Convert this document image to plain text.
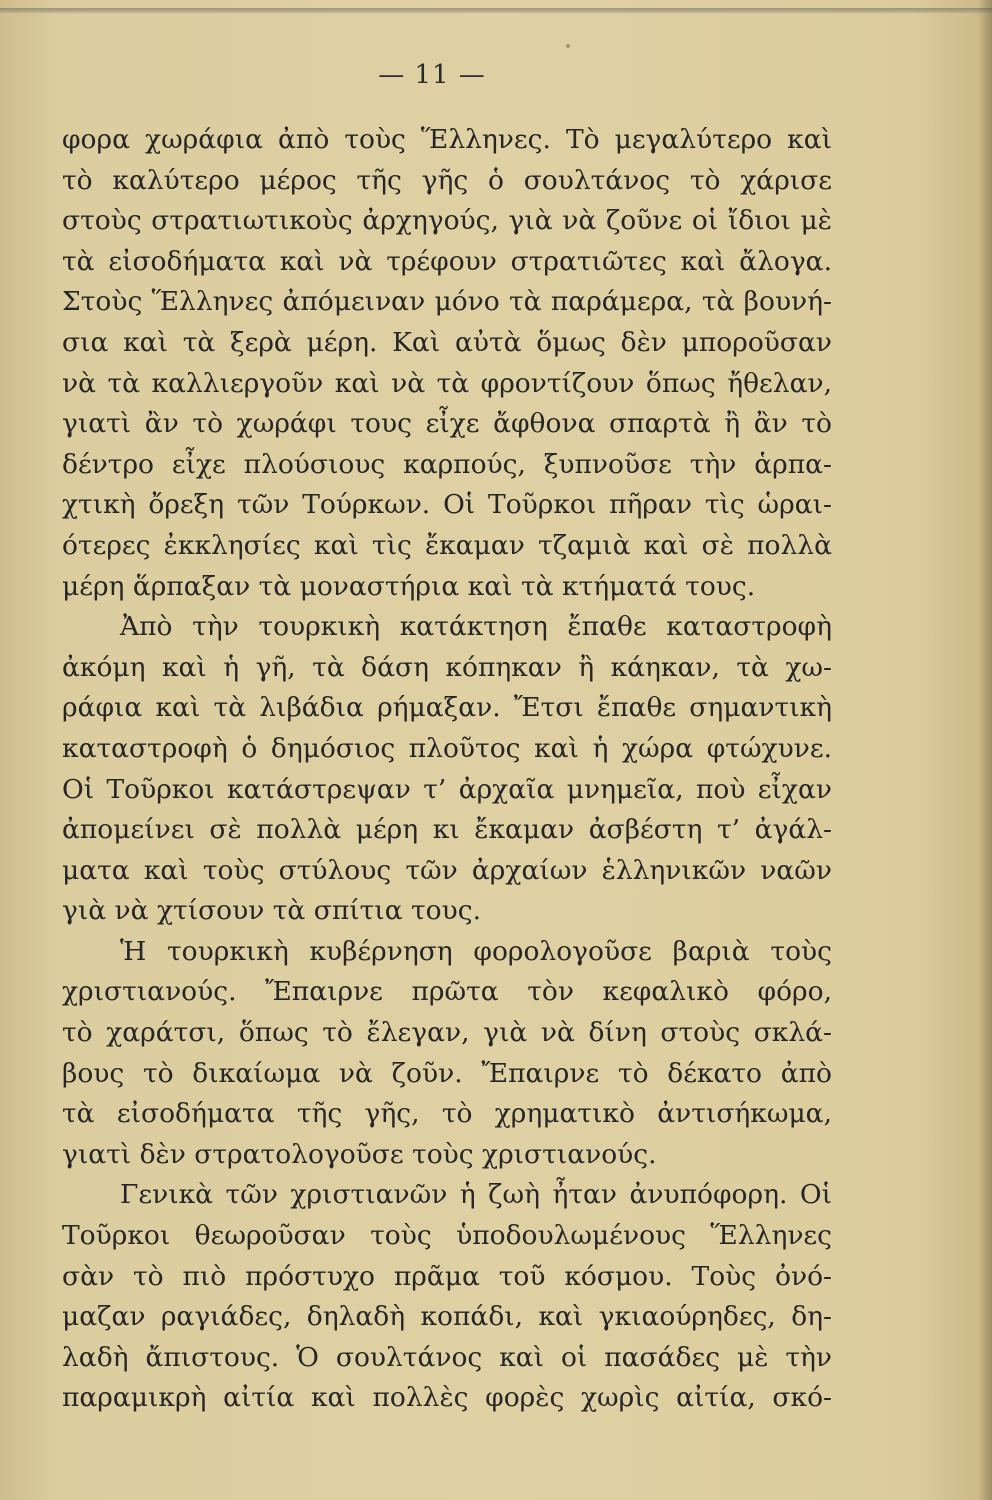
— 11 —
φορα χωράφια ἀπὸ τοὺς Ἕλληνες. Τὸ μεγαλύτερο καὶ
τὸ καλύτερο μέρος τῆς γῆς ὁ σουλτάνος τὸ χάρισε
στοὺς στρατιωτικοὺς ἀρχηγούς, γιὰ νὰ ζοῦνε οἱ ἴδιοι μὲ
τὰ εἰσοδήματα καὶ νὰ τρέφουν στρατιῶτες καὶ ἄλογα.
Στοὺς Ἕλληνες ἀπόμειναν μόνο τὰ παράμερα, τὰ βουνή-
σια καὶ τὰ ξερὰ μέρη. Καὶ αὐτὰ ὅμως δὲν μποροῦσαν
νὰ τὰ καλλιεργοῦν καὶ νὰ τὰ φροντίζουν ὅπως ἤθελαν,
γιατὶ ἂν τὸ χωράφι τους εἶχε ἄφθονα σπαρτὰ ἢ ἂν τὸ
δέντρο εἶχε πλούσιους καρπούς, ξυπνοῦσε τὴν ἁρπα-
χτικὴ ὄρεξη τῶν Τούρκων. Οἱ Τοῦρκοι πῆραν τὶς ὡραι-
ότερες ἐκκλησίες καὶ τὶς ἔκαμαν τζαμιὰ καὶ σὲ πολλὰ
μέρη ἅρπαξαν τὰ μοναστήρια καὶ τὰ κτήματά τους.
Ἀπὸ τὴν τουρκικὴ κατάκτηση ἔπαθε καταστροφὴ
ἀκόμη καὶ ἡ γῆ, τὰ δάση κόπηκαν ἢ κάηκαν, τὰ χω-
ράφια καὶ τὰ λιβάδια ρήμαξαν. Ἔτσι ἔπαθε σημαντικὴ
καταστροφὴ ὁ δημόσιος πλοῦτος καὶ ἡ χώρα φτώχυνε.
Οἱ Τοῦρκοι κατάστρεψαν τ’ ἀρχαῖα μνημεῖα, ποὺ εἶχαν
ἀπομείνει σὲ πολλὰ μέρη κι ἔκαμαν ἀσβέστη τ’ ἀγάλ-
ματα καὶ τοὺς στύλους τῶν ἀρχαίων ἑλληνικῶν ναῶν
γιὰ νὰ χτίσουν τὰ σπίτια τους.
Ἡ τουρκικὴ κυβέρνηση φορολογοῦσε βαριὰ τοὺς
χριστιανούς. Ἔπαιρνε πρῶτα τὸν κεφαλικὸ φόρο,
τὸ χαράτσι, ὅπως τὸ ἔλεγαν, γιὰ νὰ δίνη στοὺς σκλά-
βους τὸ δικαίωμα νὰ ζοῦν. Ἔπαιρνε τὸ δέκατο ἀπὸ
τὰ εἰσοδήματα τῆς γῆς, τὸ χρηματικὸ ἀντισήκωμα,
γιατὶ δὲν στρατολογοῦσε τοὺς χριστιανούς.
Γενικὰ τῶν χριστιανῶν ἡ ζωὴ ἦταν ἀνυπόφορη. Οἱ
Τοῦρκοι θεωροῦσαν τοὺς ὑποδουλωμένους Ἕλληνες
σὰν τὸ πιὸ πρόστυχο πρᾶμα τοῦ κόσμου. Τοὺς ὀνό-
μαζαν ραγιάδες, δηλαδὴ κοπάδι, καὶ γκιαούρηδες, δη-
λαδὴ ἄπιστους. Ὁ σουλτάνος καὶ οἱ πασάδες μὲ τὴν
παραμικρὴ αἰτία καὶ πολλὲς φορὲς χωρὶς αἰτία, σκό-
